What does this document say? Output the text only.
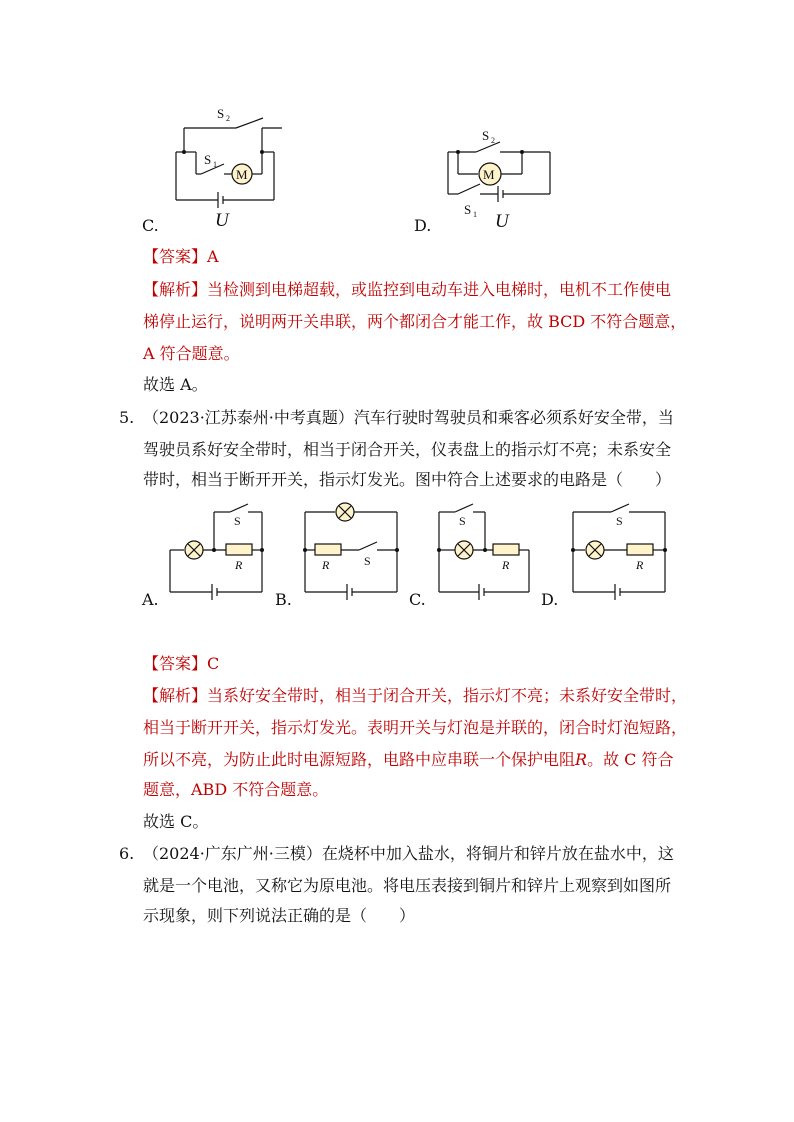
C.
S 2
S 1
M
U	D.
S 2
M
S 1 U
【答案】A
【解析】当检测到电梯超载，或监控到电动车进入电梯时，电机不工作使电
梯停止运行，说明两开关串联，两个都闭合才能工作，故 BCD 不符合题意，
A 符合题意。
故选 A。
5. （2023·江苏泰州·中考真题）汽车行驶时驾驶员和乘客必须系好安全带，当
驾驶员系好安全带时，相当于闭合开关，仪表盘上的指示灯不亮；未系安全
带时，相当于断开开关，指示灯发光。图中符合上述要求的电路是（　　）
A.
S
R
B.
S
R
C.
S
R
D.
S
R
【答案】C
【解析】当系好安全带时，相当于闭合开关，指示灯不亮；未系好安全带时，
相当于断开开关，指示灯发光。表明开关与灯泡是并联的，闭合时灯泡短路，
所以不亮，为防止此时电源短路，电路中应串联一个保护电阻R。故 C 符合
题意，ABD 不符合题意。
故选 C。
6. （2024·广东广州·三模）在烧杯中加入盐水，将铜片和锌片放在盐水中，这
就是一个电池，又称它为原电池。将电压表接到铜片和锌片上观察到如图所
示现象，则下列说法正确的是（　　）
